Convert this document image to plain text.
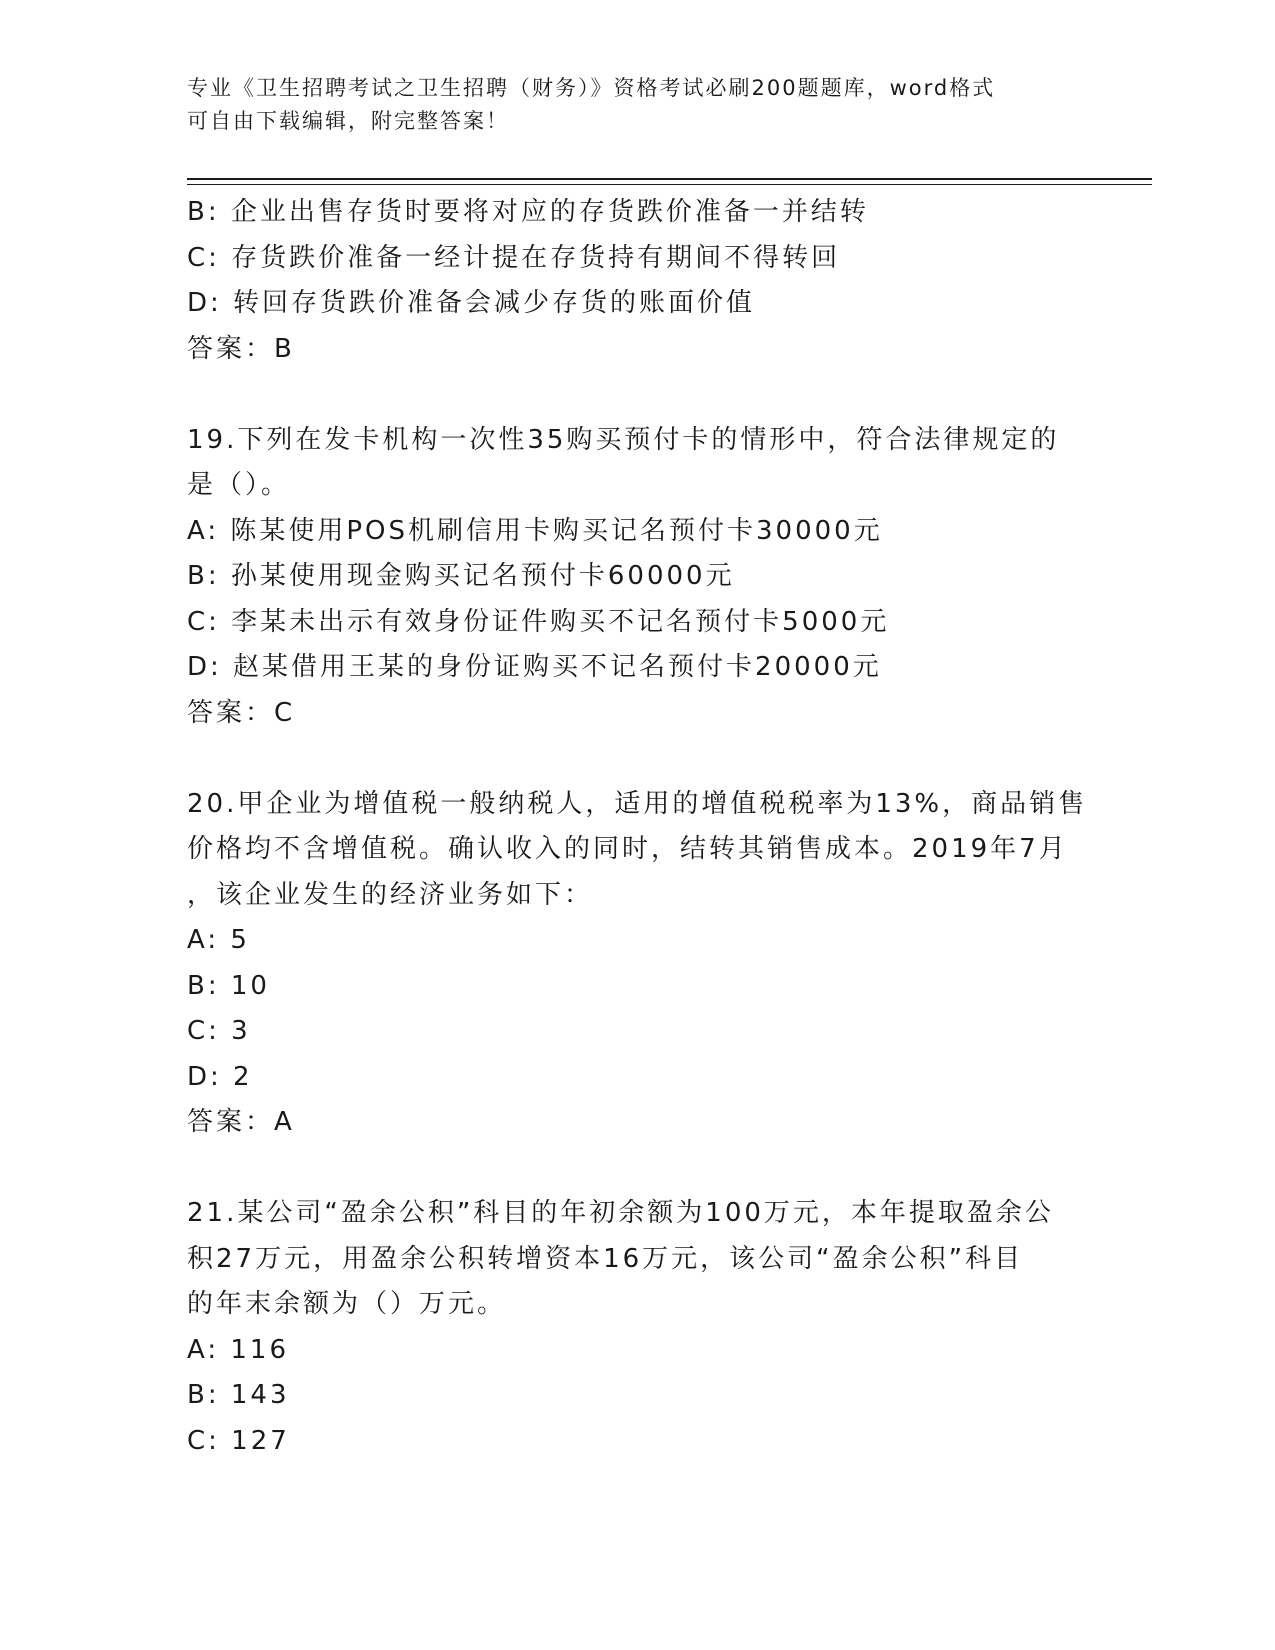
专业《卫生招聘考试之卫生招聘（财务）》资格考试必刷200题题库，word格式
可自由下载编辑，附完整答案！
B: 企业出售存货时要将对应的存货跌价准备一并结转
C: 存货跌价准备一经计提在存货持有期间不得转回
D: 转回存货跌价准备会减少存货的账面价值
答案：B
19.下列在发卡机构一次性35购买预付卡的情形中，符合法律规定的
是（）。
A: 陈某使用POS机刷信用卡购买记名预付卡30000元
B: 孙某使用现金购买记名预付卡60000元
C: 李某未出示有效身份证件购买不记名预付卡5000元
D: 赵某借用王某的身份证购买不记名预付卡20000元
答案：C
20.甲企业为增值税一般纳税人，适用的增值税税率为13%，商品销售
价格均不含增值税。确认收入的同时，结转其销售成本。2019年7月
，该企业发生的经济业务如下：
A: 5
B: 10
C: 3
D: 2
答案：A
21.某公司“盈余公积”科目的年初余额为100万元，本年提取盈余公
积27万元，用盈余公积转增资本16万元，该公司“盈余公积”科目
的年末余额为（）万元。
A: 116
B: 143
C: 127
